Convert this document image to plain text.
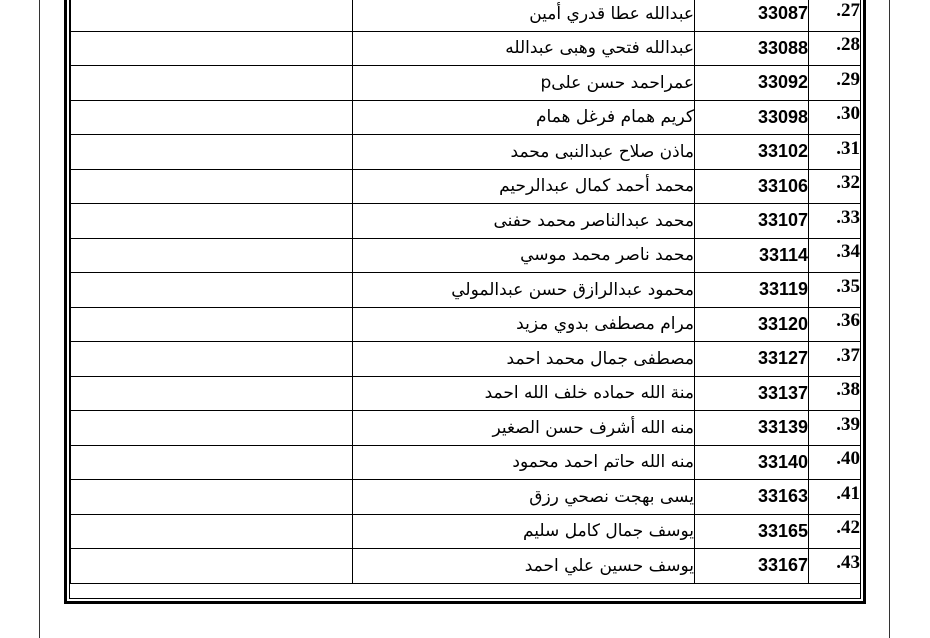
	عبدالله عطا قدري أمين	33087	.27
	عبدالله فتحي وهبى عبدالله	33088	.28
	عمراحمد حسن علىp	33092	.29
	كريم همام فرغل همام	33098	.30
	ماذن صلاح عبدالنبى محمد	33102	.31
	محمد أحمد كمال عبدالرحيم	33106	.32
	محمد عبدالناصر محمد حفنى	33107	.33
	محمد ناصر محمد موسي	33114	.34
	محمود عبدالرازق حسن عبدالمولي	33119	.35
	مرام مصطفى بدوي مزيد	33120	.36
	مصطفى جمال محمد احمد	33127	.37
	منة الله حماده خلف الله احمد	33137	.38
	منه الله أشرف حسن الصغير	33139	.39
	منه الله حاتم احمد محمود	33140	.40
	يسى بهجت نصحي رزق	33163	.41
	يوسف جمال كامل سليم	33165	.42
	يوسف حسين علي احمد	33167	.43
